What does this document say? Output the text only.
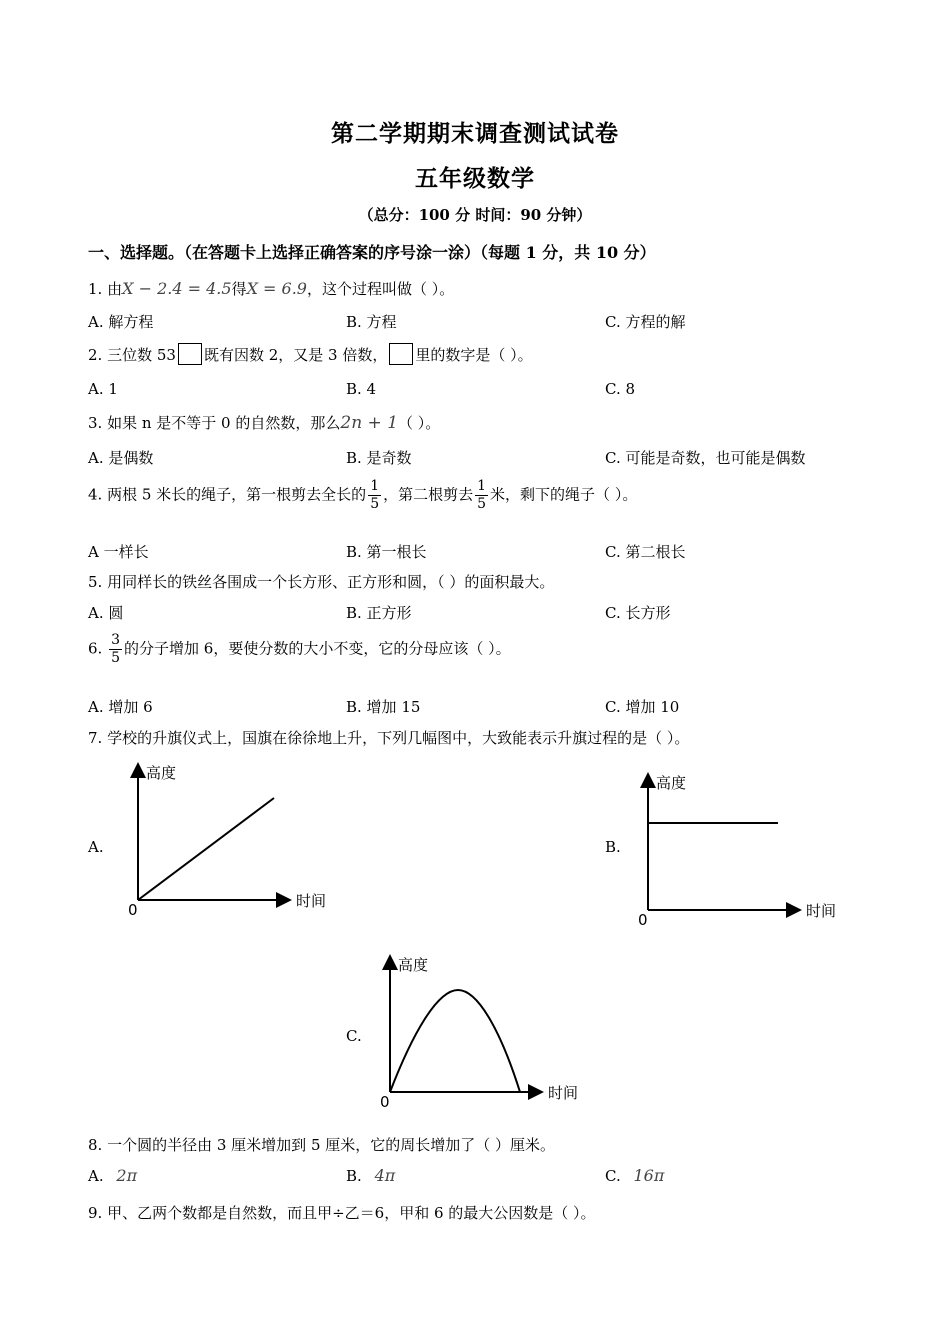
第二学期期末调查测试试卷
五年级数学
（总分：100 分 时间：90 分钟）
一、选择题。（在答题卡上选择正确答案的序号涂一涂）（每题 1 分，共 10 分）
1. 由X − 2.4 = 4.5得X = 6.9，这个过程叫做（ ）。
A. 解方程	B. 方程	C. 方程的解
2. 三位数 53 既有因数 2，又是 3 倍数， 里的数字是（ ）。
A. 1	B. 4	C. 8
3. 如果 n 是不等于 0 的自然数，那么2n + 1（ ）。
A. 是偶数	B. 是奇数	C. 可能是奇数，也可能是偶数
4. 两根 5 米长的绳子，第一根剪去全长的 $\frac{1}{5}$ ，第二根剪去 $\frac{1}{5}$ 米，剩下的绳子（ ）。
A 一样长	B. 第一根长	C. 第二根长
5. 用同样长的铁丝各围成一个长方形、正方形和圆，（ ）的面积最大。
A. 圆	B. 正方形	C. 长方形
6. $\frac{3}{5}$ 的分子增加 6，要使分数的大小不变，它的分母应该（ ）。
A. 增加 6	B. 增加 15	C. 增加 10
7. 学校的升旗仪式上，国旗在徐徐地上升，下列几幅图中，大致能表示升旗过程的是（ ）。
A.
高度
时间
0
B.
高度
时间
0
C.
高度
时间
0
8. 一个圆的半径由 3 厘米增加到 5 厘米，它的周长增加了（ ）厘米。
A. 2π	B. 4π	C. 16π
9. 甲、乙两个数都是自然数，而且甲÷乙＝6，甲和 6 的最大公因数是（ ）。
